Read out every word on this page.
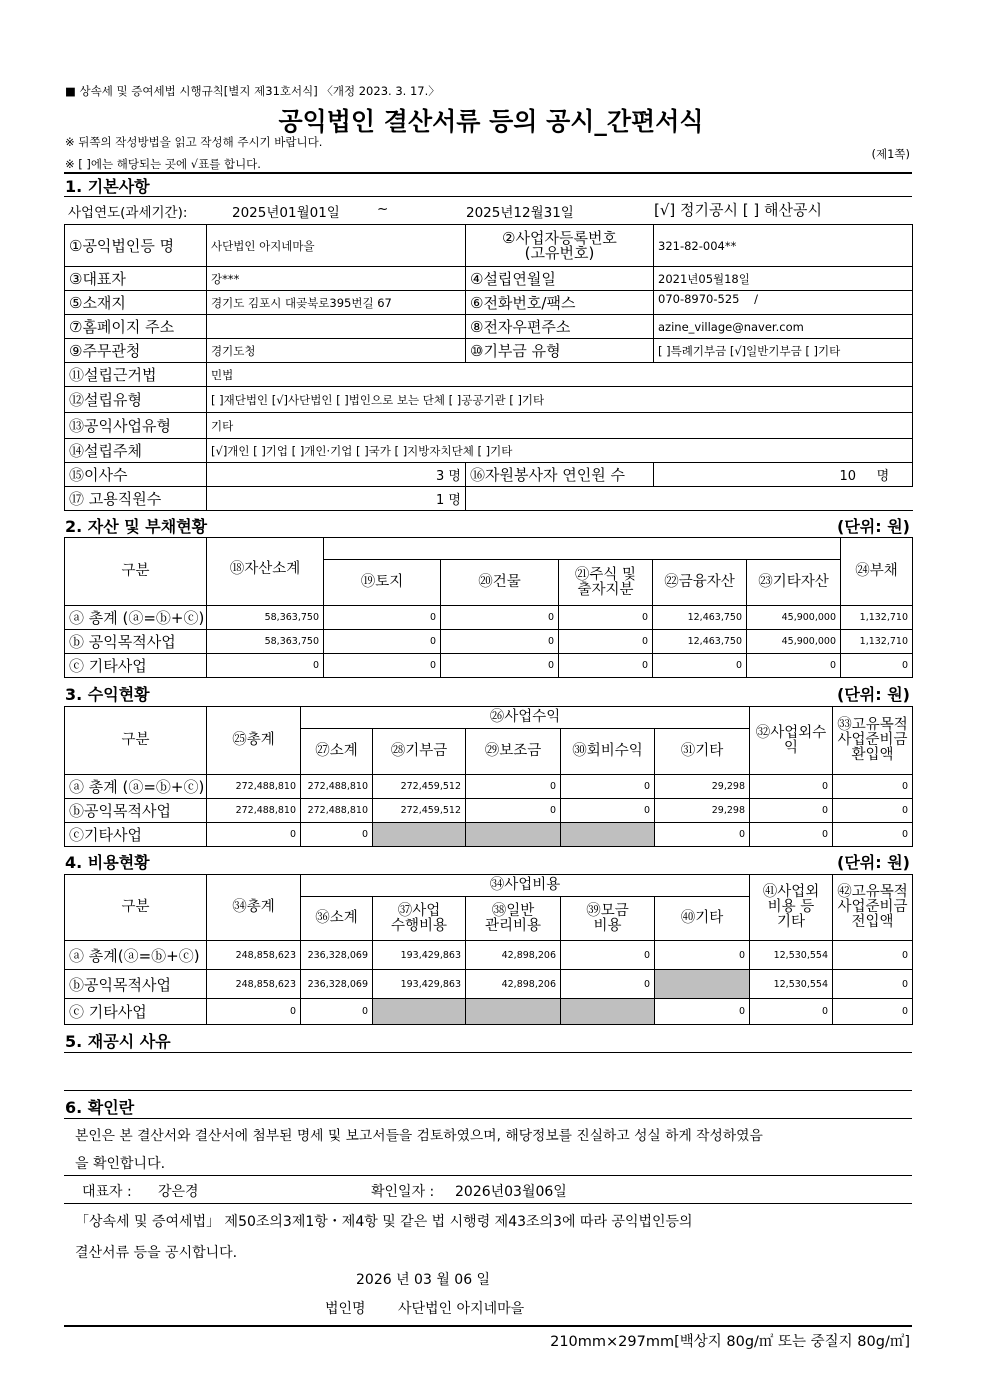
■ 상속세 및 증여세법 시행규칙[별지 제31호서식] 〈개정 2023. 3. 17.〉
공익법인 결산서류 등의 공시_간편서식
※ 뒤쪽의 작성방법을 읽고 작성해 주시기 바랍니다.
※ [ ]에는 해당되는 곳에 √표를 합니다.
(제1쪽)
1. 기본사항
사업연도(과세기간):	2025년01월01일	~	2025년12월31일	[√] 정기공시 [ ] 해산공시
①공익법인등 명	사단법인 아지네마을	②사업자등록번호
(고유번호)	321-82-004**
③대표자	강***	④설립연월일	2021년05월18일
⑤소재지	경기도 김포시 대곶북로395번길 67	⑥전화번호/팩스	070-8970-525 /
⑦홈페이지 주소		⑧전자우편주소	azine_village@naver.com
⑨주무관청	경기도청	⑩기부금 유형	[ ]특례기부금 [√]일반기부금 [ ]기타
⑪설립근거법	민법		
⑫설립유형	[ ]재단법인 [√]사단법인 [ ]법인으로 보는 단체 [ ]공공기관 [ ]기타		
⑬공익사업유형	기타		
⑭설립주체	[√]개인 [ ]기업 [ ]개인·기업 [ ]국가 [ ]지방자치단체 [ ]기타		
⑮이사수	3 명	⑯자원봉사자 연인원 수	10 명
⑰ 고용직원수	1 명		
2. 자산 및 부채현황	(단위: 원)
구분	⑱자산소계						㉔부채
		⑲토지	⑳건물	㉑주식 및
출자지분	㉒금융자산	㉓기타자산	
ⓐ 총계 (ⓐ=ⓑ+ⓒ)	58,363,750	0	0	0	12,463,750	45,900,000	1,132,710
ⓑ 공익목적사업	58,363,750	0	0	0	12,463,750	45,900,000	1,132,710
ⓒ 기타사업	0	0	0	0	0	0	0
3. 수익현황	(단위: 원)
구분	㉕총계	㉖사업수익					㉜사업외수
익	㉝고유목적
사업준비금
환입액
		㉗소계	㉘기부금	㉙보조금	㉚회비수익	㉛기타		
ⓐ 총계 (ⓐ=ⓑ+ⓒ)	272,488,810	272,488,810	272,459,512	0	0	29,298	0	0
ⓑ공익목적사업	272,488,810	272,488,810	272,459,512	0	0	29,298	0	0
ⓒ기타사업	0	0				0	0	0
4. 비용현황	(단위: 원)
구분	㉞총계	㉞사업비용					㊶사업외
비용 등
기타	㊷고유목적
사업준비금
전입액
		㊱소계	㊲사업
수행비용	㊳일반
관리비용	㊴모금
비용	㊵기타		
ⓐ 총계(ⓐ=ⓑ+ⓒ)	248,858,623	236,328,069	193,429,863	42,898,206	0	0	12,530,554	0
ⓑ공익목적사업	248,858,623	236,328,069	193,429,863	42,898,206	0		12,530,554	0
ⓒ 기타사업	0	0				0	0	0
5. 재공시 사유
6. 확인란
본인은 본 결산서와 결산서에 첨부된 명세 및 보고서들을 검토하였으며, 해당정보를 진실하고 성실 하게 작성하였음
을 확인합니다.
대표자 : 강은경	확인일자 : 2026년03월06일
「상속세 및 증여세법」 제50조의3제1항・제4항 및 같은 법 시행령 제43조의3에 따라 공익법인등의
결산서류 등을 공시합니다.
2026 년 03 월 06 일
법인명 사단법인 아지네마을
210mm×297mm[백상지 80g/㎡ 또는 중질지 80g/㎡]
